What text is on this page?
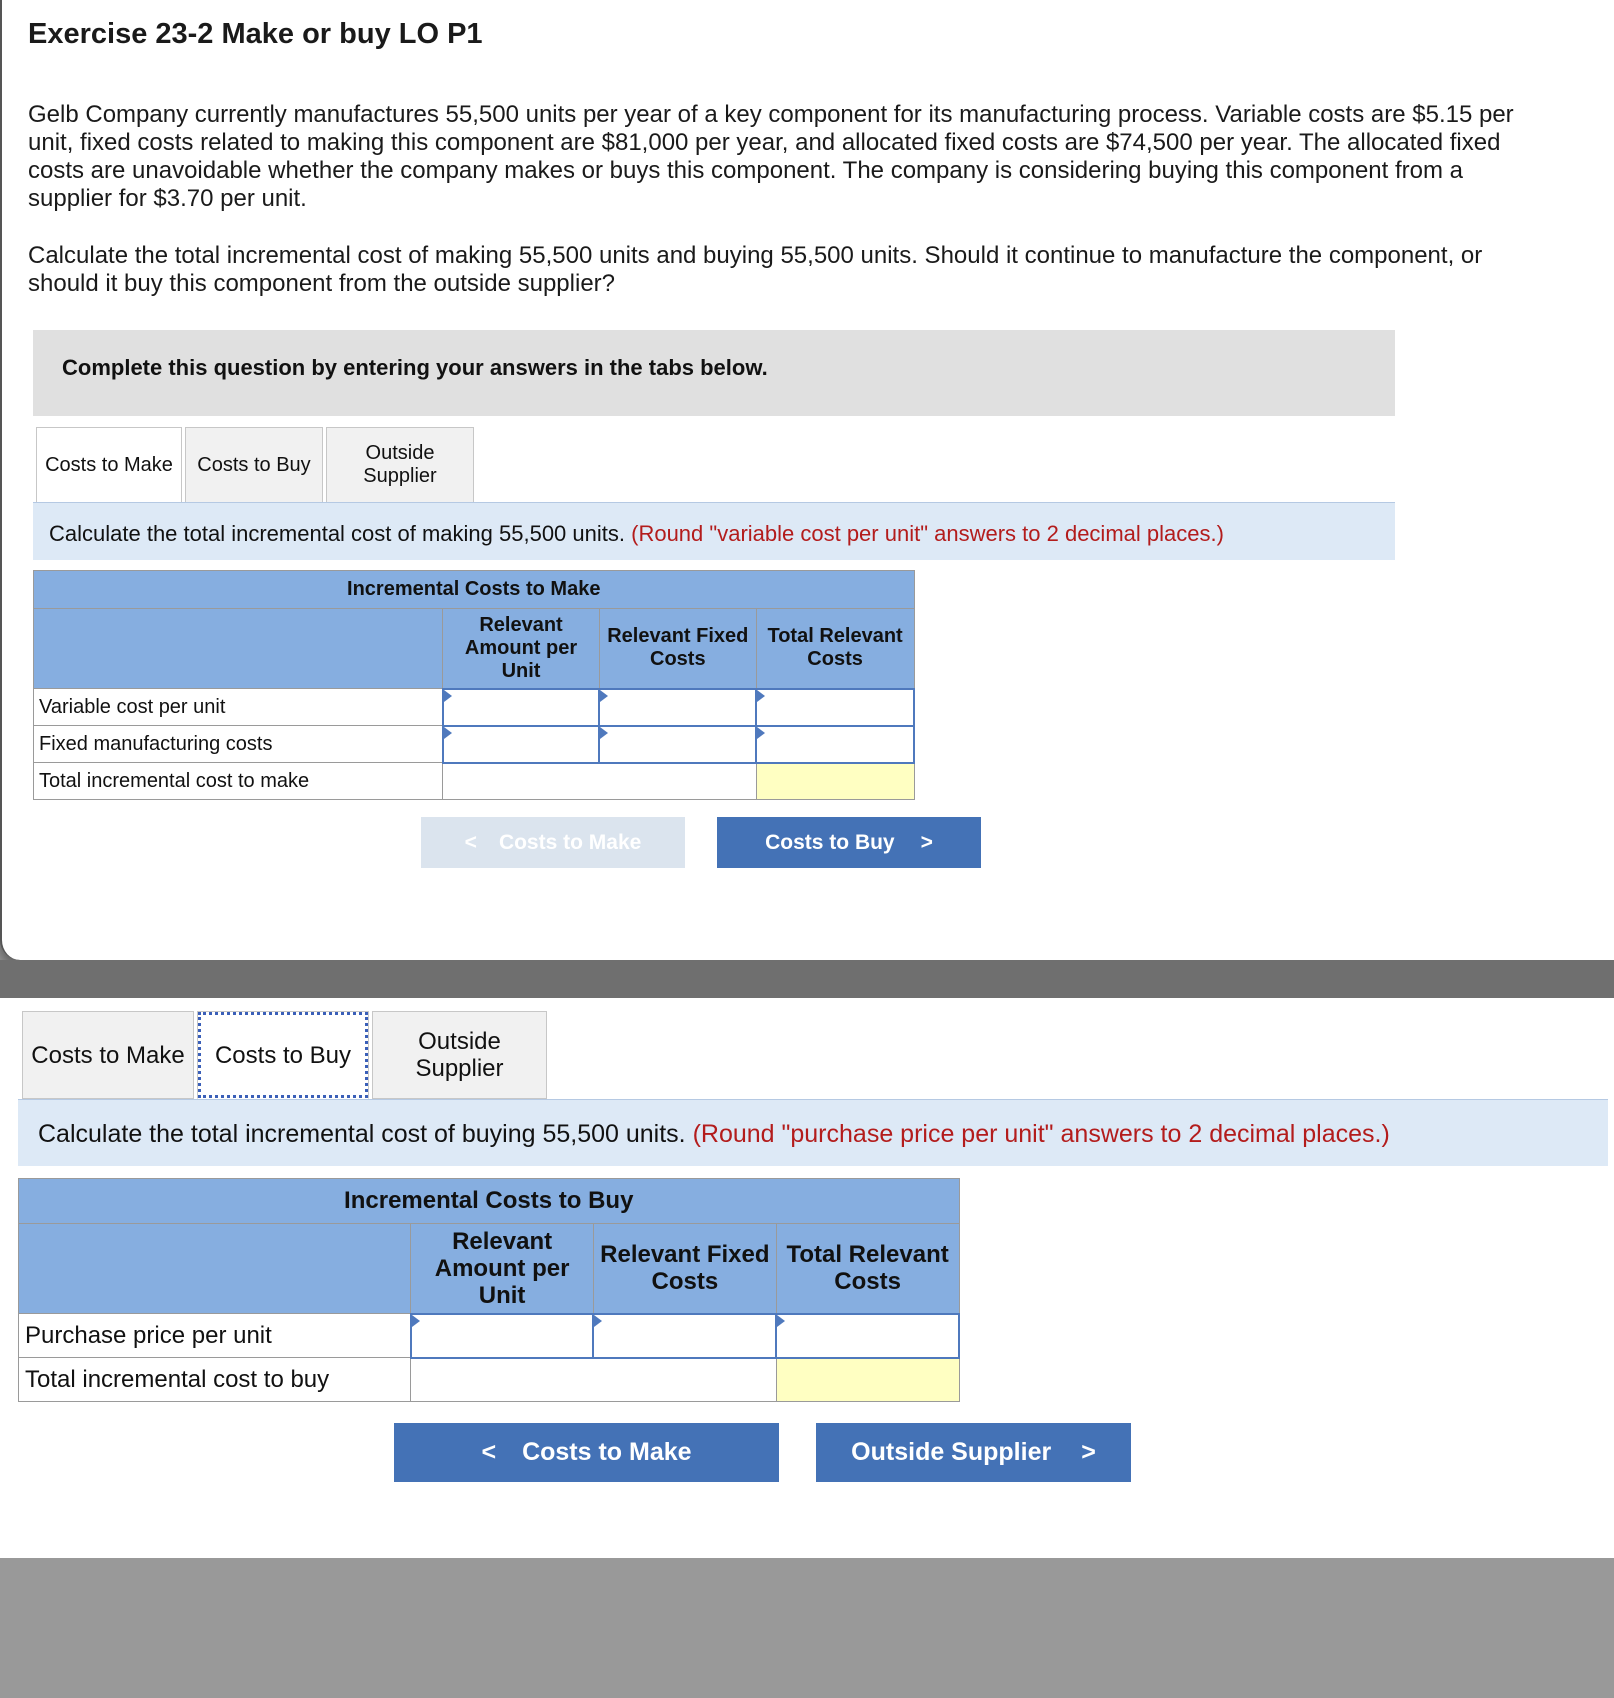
Exercise 23-2 Make or buy LO P1

Gelb Company currently manufactures 55,500 units per year of a key component for its manufacturing process. Variable costs are $5.15 per unit, fixed costs related to making this component are $81,000 per year, and allocated fixed costs are $74,500 per year. The allocated fixed costs are unavoidable whether the company makes or buys this component. The company is considering buying this component from a supplier for $3.70 per unit.

Calculate the total incremental cost of making 55,500 units and buying 55,500 units. Should it continue to manufacture the component, or should it buy this component from the outside supplier?

Complete this question by entering your answers in the tabs below.
Costs to Make	Costs to Buy
Outside Supplier
Calculate the total incremental cost of making 55,500 units. (Round "variable cost per unit" answers to 2 decimal places.)
Incremental Costs to Make			
	Relevant Amount per Unit	Relevant Fixed Costs	Total Relevant Costs
Variable cost per unit			
Fixed manufacturing costs			
Total incremental cost to make			
< Costs to Make	Costs to Buy >
Costs to Make	Costs to Buy	Outside Supplier
Calculate the total incremental cost of buying 55,500 units. (Round "purchase price per unit" answers to 2 decimal places.)
Incremental Costs to Buy			
	Relevant Amount per Unit	Relevant Fixed Costs	Total Relevant Costs
Purchase price per unit			
Total incremental cost to buy			
< Costs to Make	Outside Supplier >
